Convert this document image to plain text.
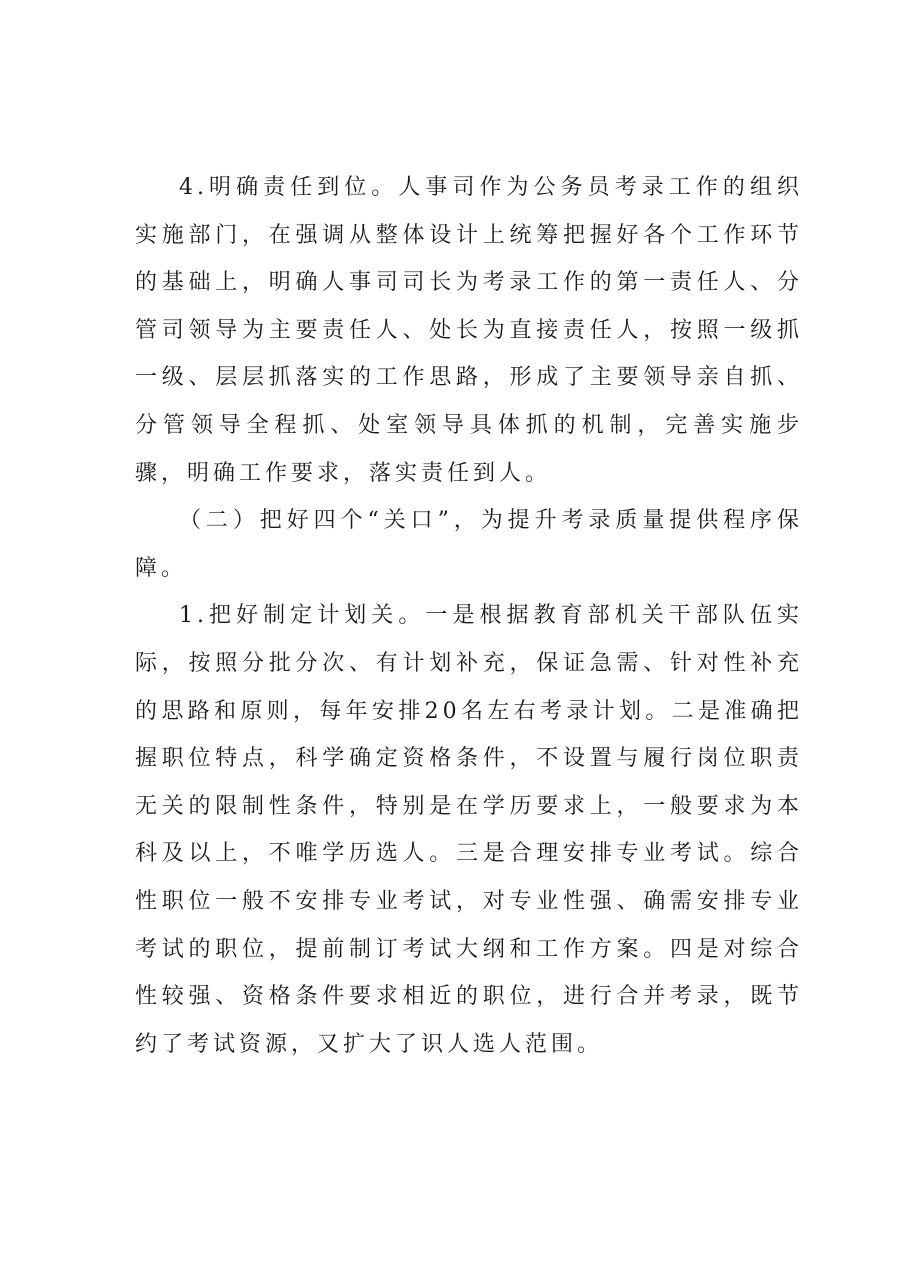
4.明确责任到位。人事司作为公务员考录工作的组织实施部门，在强调从整体设计上统筹把握好各个工作环节的基础上，明确人事司司长为考录工作的第一责任人、分管司领导为主要责任人、处长为直接责任人，按照一级抓一级、层层抓落实的工作思路，形成了主要领导亲自抓、分管领导全程抓、处室领导具体抓的机制，完善实施步骤，明确工作要求，落实责任到人。

（二）把好四个“关口”，为提升考录质量提供程序保障。

1.把好制定计划关。一是根据教育部机关干部队伍实际，按照分批分次、有计划补充，保证急需、针对性补充的思路和原则，每年安排20名左右考录计划。二是准确把握职位特点，科学确定资格条件，不设置与履行岗位职责无关的限制性条件，特别是在学历要求上，一般要求为本科及以上，不唯学历选人。三是合理安排专业考试。综合性职位一般不安排专业考试，对专业性强、确需安排专业考试的职位，提前制订考试大纲和工作方案。四是对综合性较强、资格条件要求相近的职位，进行合并考录，既节约了考试资源，又扩大了识人选人范围。
